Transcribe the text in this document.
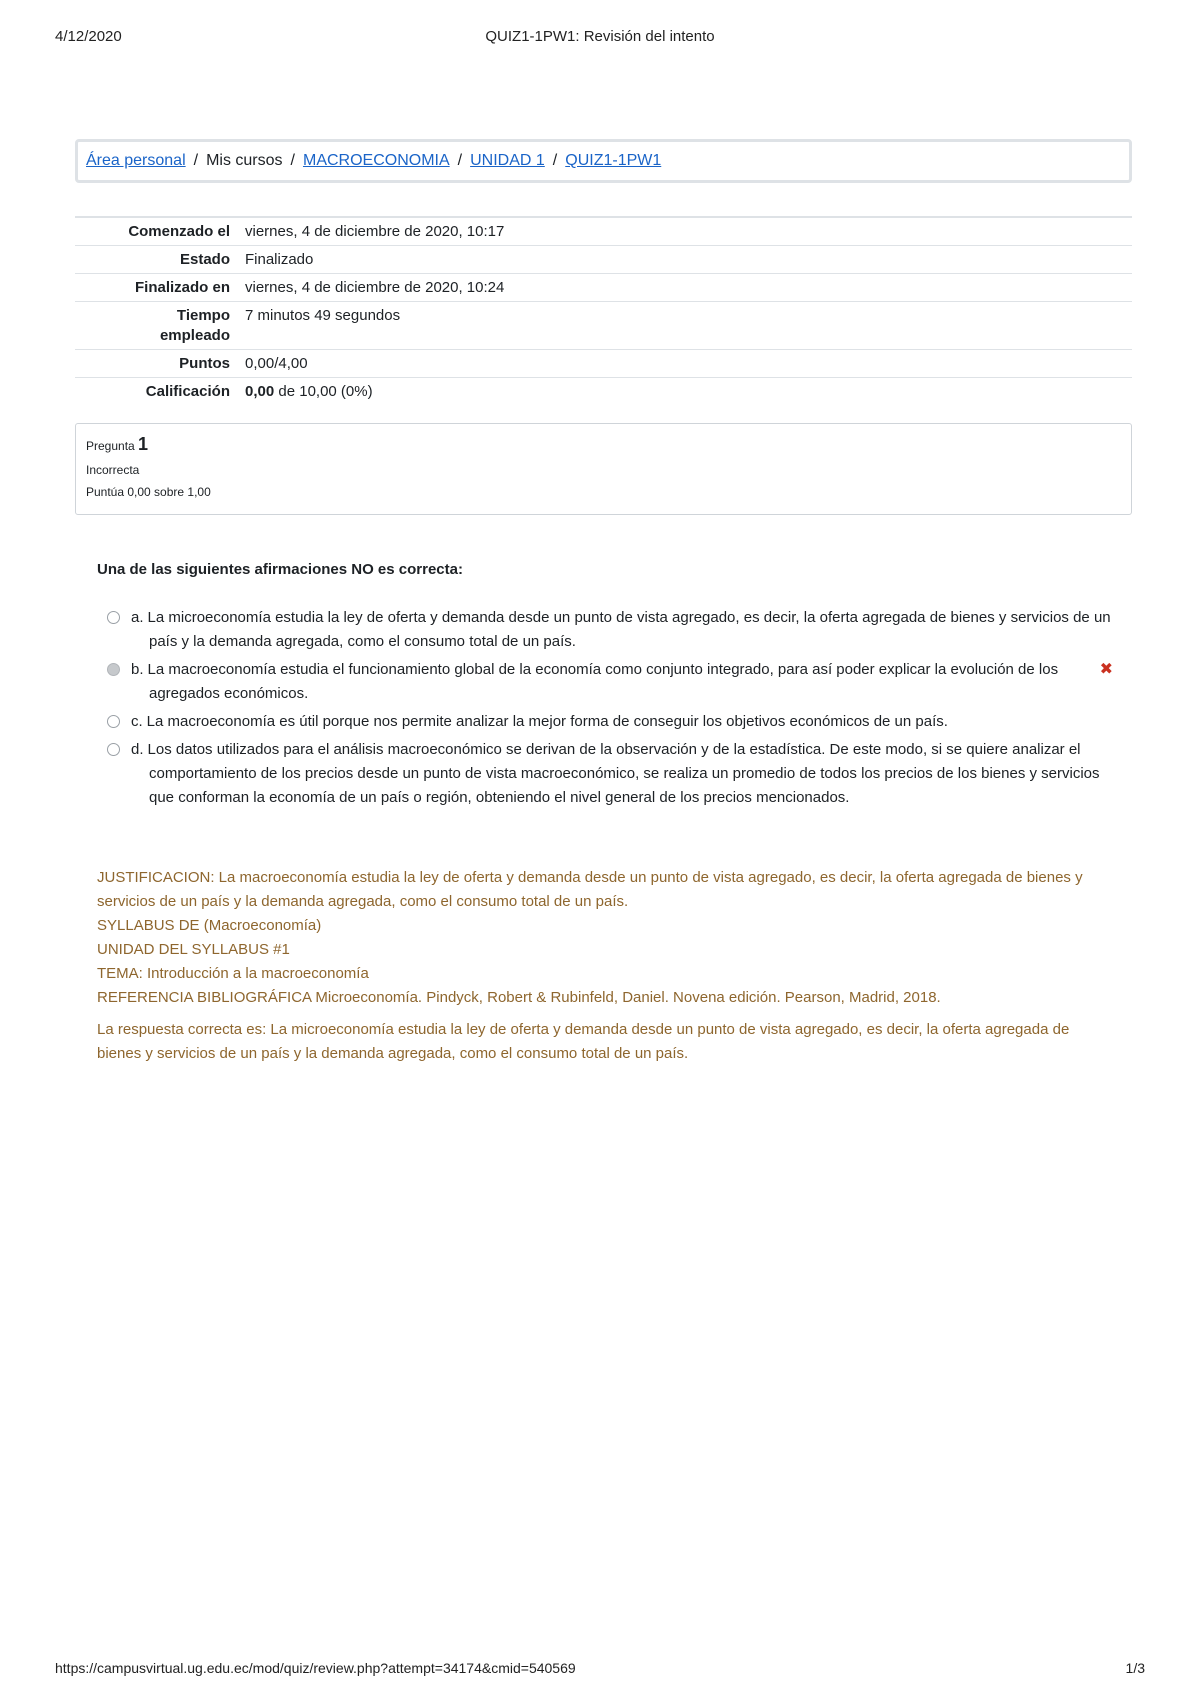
4/12/2020	QUIZ1-1PW1: Revisión del intento
Área personal / Mis cursos / MACROECONOMIA / UNIDAD 1 / QUIZ1-1PW1
Comenzado el	viernes, 4 de diciembre de 2020, 10:17
Estado	Finalizado
Finalizado en	viernes, 4 de diciembre de 2020, 10:24
Tiempo
empleado	7 minutos 49 segundos
Puntos	0,00/4,00
Calificación	0,00 de 10,00 (0%)
Pregunta 1
Incorrecta
Puntúa 0,00 sobre 1,00
Una de las siguientes afirmaciones NO es correcta:
a. La microeconomía estudia la ley de oferta y demanda desde un punto de vista agregado, es decir, la oferta agregada de bienes y servicios de un país y la demanda agregada, como el consumo total de un país.
b. La macroeconomía estudia el funcionamiento global de la economía como conjunto integrado, para así poder explicar la evolución de los agregados económicos.
✖
c. La macroeconomía es útil porque nos permite analizar la mejor forma de conseguir los objetivos económicos de un país.
d. Los datos utilizados para el análisis macroeconómico se derivan de la observación y de la estadística. De este modo, si se quiere analizar el comportamiento de los precios desde un punto de vista macroeconómico, se realiza un promedio de todos los precios de los bienes y servicios que conforman la economía de un país o región, obteniendo el nivel general de los precios mencionados.
JUSTIFICACION: La macroeconomía estudia la ley de oferta y demanda desde un punto de vista agregado, es decir, la oferta agregada de bienes y servicios de un país y la demanda agregada, como el consumo total de un país.
SYLLABUS DE (Macroeconomía)
UNIDAD DEL SYLLABUS #1
TEMA: Introducción a la macroeconomía
REFERENCIA BIBLIOGRÁFICA Microeconomía. Pindyck, Robert & Rubinfeld, Daniel. Novena edición. Pearson, Madrid, 2018.
La respuesta correcta es: La microeconomía estudia la ley de oferta y demanda desde un punto de vista agregado, es decir, la oferta agregada de bienes y servicios de un país y la demanda agregada, como el consumo total de un país.
https://campusvirtual.ug.edu.ec/mod/quiz/review.php?attempt=34174&cmid=540569	1/3
